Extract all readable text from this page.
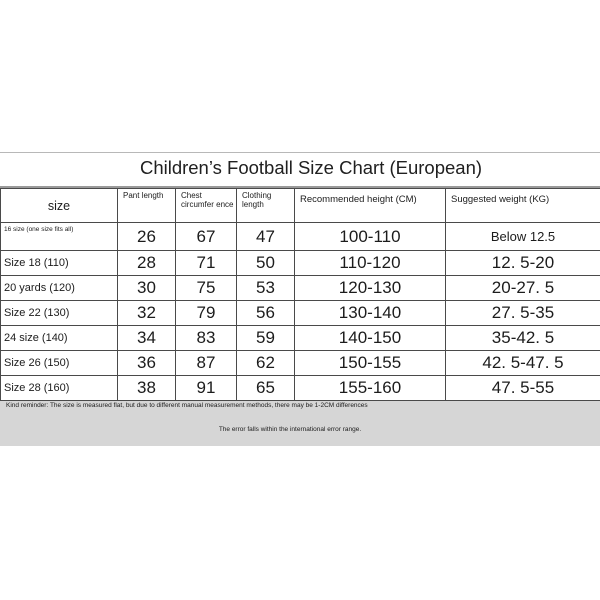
Children’s Football Size Chart (European)
size	Pant length	Chest circumfer ence	Clothing length	Recommended height (CM)	Suggested weight (KG)
16 size (one size fits all)	26	67	47	100-110	Below 12.5
Size 18 (110)	28	71	50	110-120	12. 5-20
20 yards (120)	30	75	53	120-130	20-27. 5
Size 22 (130)	32	79	56	130-140	27. 5-35
24 size (140)	34	83	59	140-150	35-42. 5
Size 26 (150)	36	87	62	150-155	42. 5-47. 5
Size 28 (160)	38	91	65	155-160	47. 5-55
Kind reminder: The size is measured flat, but due to different manual measurement methods, there may be 1-2CM differences
The error falls within the international error range.
